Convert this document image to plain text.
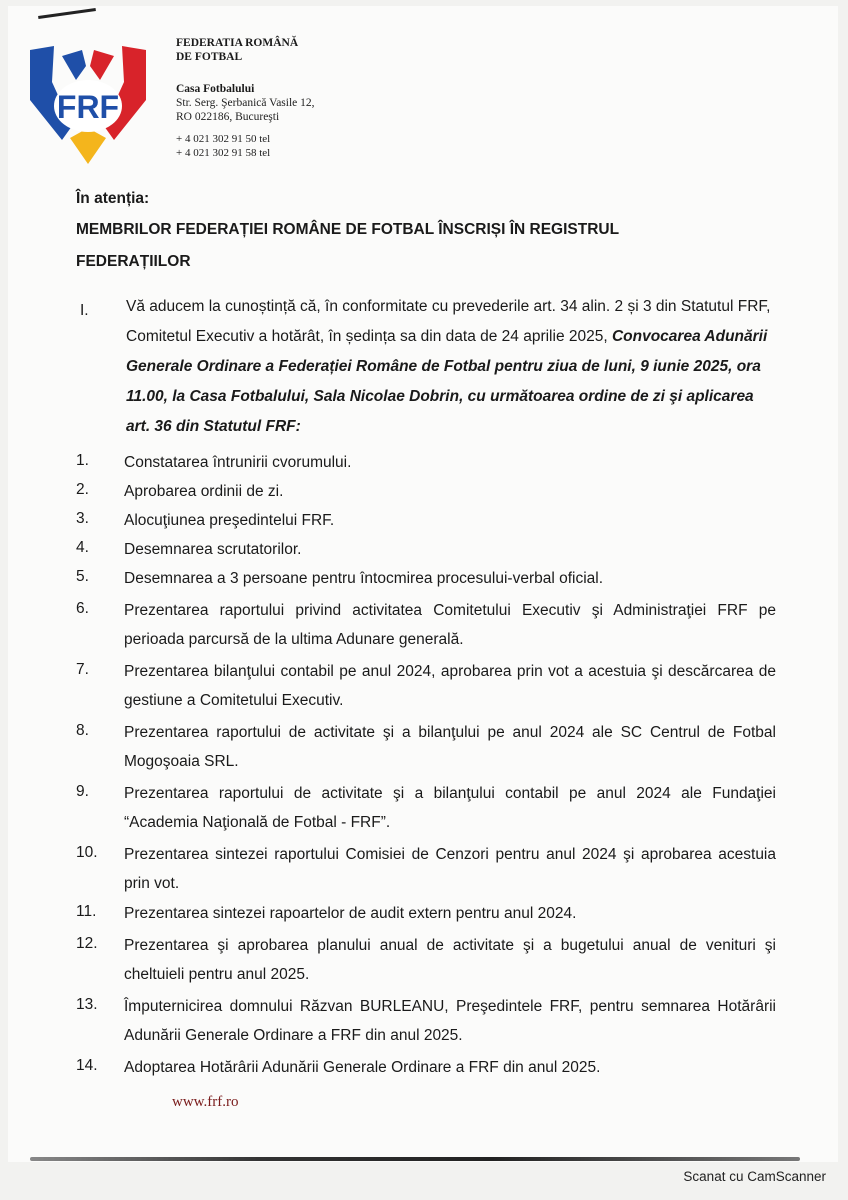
FRF
FEDERATIA ROMÂNĂ
DE FOTBAL
Casa Fotbalului
Str. Serg. Şerbanică Vasile 12,
RO 022186, Bucureşti
+ 4 021 302 91 50 tel
+ 4 021 302 91 58 tel
În atenția:
MEMBRILOR FEDERAȚIEI ROMÂNE DE FOTBAL ÎNSCRIȘI ÎN REGISTRUL
FEDERAȚIILOR
I. Vă aducem la cunoștință că, în conformitate cu prevederile art. 34 alin. 2 și 3 din Statutul FRF, Comitetul Executiv a hotărât, în ședința sa din data de 24 aprilie 2025, Convocarea Adunării Generale Ordinare a Federației Române de Fotbal pentru ziua de luni, 9 iunie 2025, ora 11.00, la Casa Fotbalului, Sala Nicolae Dobrin, cu următoarea ordine de zi şi aplicarea art. 36 din Statutul FRF:
1.	Constatarea întrunirii cvorumului.
2.	Aprobarea ordinii de zi.
3.	Alocuţiunea preşedintelui FRF.
4.	Desemnarea scrutatorilor.
5.	Desemnarea a 3 persoane pentru întocmirea procesului-verbal oficial.
6.	Prezentarea raportului privind activitatea Comitetului Executiv şi Administraţiei FRF pe perioada parcursă de la ultima Adunare generală.
7.	Prezentarea bilanţului contabil pe anul 2024, aprobarea prin vot a acestuia şi descărcarea de gestiune a Comitetului Executiv.
8.	Prezentarea raportului de activitate şi a bilanţului pe anul 2024 ale SC Centrul de Fotbal Mogoşoaia SRL.
9.	Prezentarea raportului de activitate şi a bilanţului contabil pe anul 2024 ale Fundaţiei “Academia Naţională de Fotbal - FRF”.
10.	Prezentarea sintezei raportului Comisiei de Cenzori pentru anul 2024 şi aprobarea acestuia prin vot.
11.	Prezentarea sintezei rapoartelor de audit extern pentru anul 2024.
12.	Prezentarea şi aprobarea planului anual de activitate şi a bugetului anual de venituri şi cheltuieli pentru anul 2025.
13.	Împuternicirea domnului Răzvan BURLEANU, Preşedintele FRF, pentru semnarea Hotărârii Adunării Generale Ordinare a FRF din anul 2025.
14.	Adoptarea Hotărârii Adunării Generale Ordinare a FRF din anul 2025.
www.frf.ro
Scanat cu CamScanner
